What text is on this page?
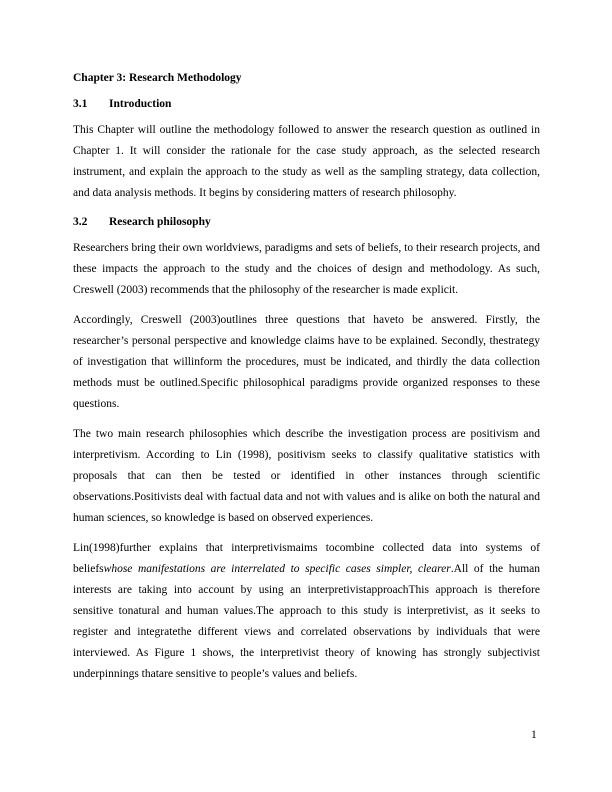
Chapter 3: Research Methodology
3.1	Introduction

This Chapter will outline the methodology followed to answer the research question as outlined in Chapter 1. It will consider the rationale for the case study approach, as the selected research instrument, and explain the approach to the study as well as the sampling strategy, data collection, and data analysis methods. It begins by considering matters of research philosophy.

3.2	Research philosophy

Researchers bring their own worldviews, paradigms and sets of beliefs, to their research projects, and these impacts the approach to the study and the choices of design and methodology. As such, Creswell (2003) recommends that the philosophy of the researcher is made explicit.

Accordingly, Creswell (2003)outlines three questions that haveto be answered. Firstly, the researcher’s personal perspective and knowledge claims have to be explained. Secondly, thestrategy of investigation that willinform the procedures, must be indicated, and thirdly the data collection methods must be outlined.Specific philosophical paradigms provide organized responses to these questions.

The two main research philosophies which describe the investigation process are positivism and interpretivism. According to Lin (1998), positivism seeks to classify qualitative statistics with proposals that can then be tested or identified in other instances through scientific observations.Positivists deal with factual data and not with values and is alike on both the natural and human sciences, so knowledge is based on observed experiences.

Lin(1998)further explains that interpretivismaims tocombine collected data into systems of beliefswhose manifestations are interrelated to specific cases simpler, clearer.All of the human interests are taking into account by using an interpretivistapproachThis approach is therefore sensitive tonatural and human values.The approach to this study is interpretivist, as it seeks to register and integratethe different views and correlated observations by individuals that were interviewed. As Figure 1 shows, the interpretivist theory of knowing has strongly subjectivist underpinnings thatare sensitive to people’s values and beliefs.

1
